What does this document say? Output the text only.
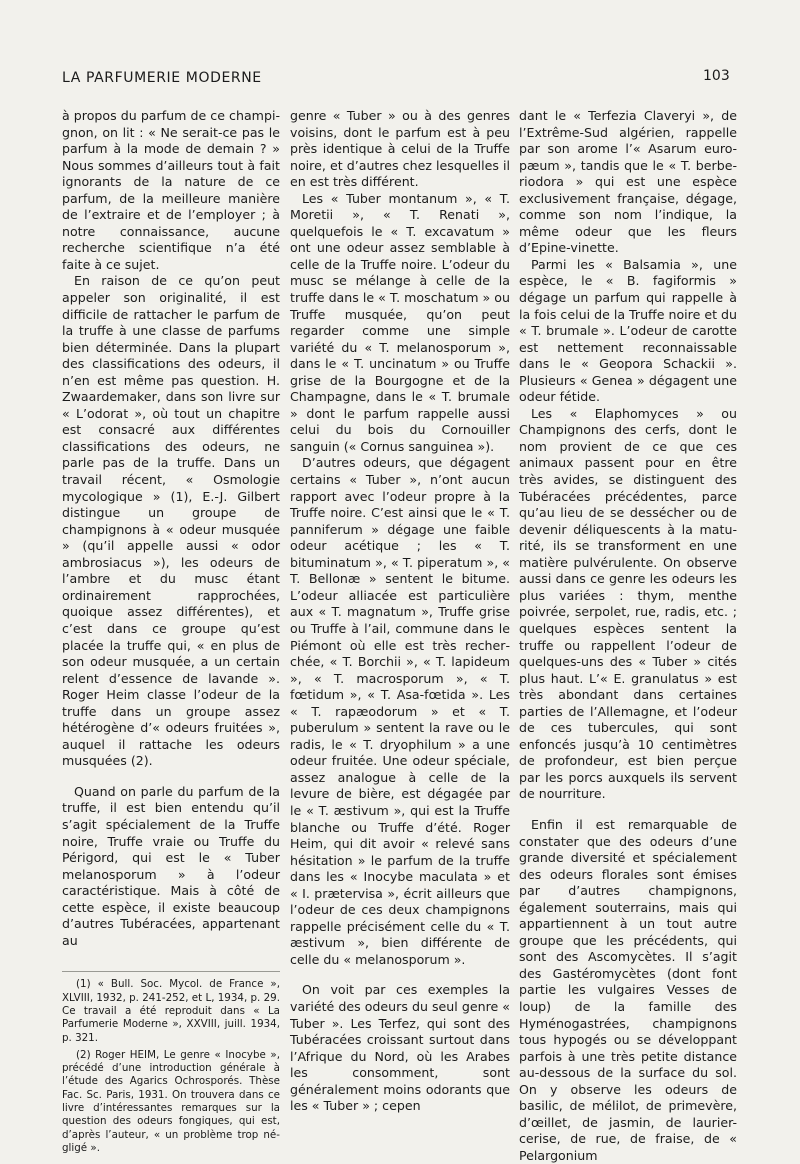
LA PARFUMERIE MODERNE	103

à propos du parfum de ce champignon, on lit : « Ne serait-ce pas le parfum à la mode de demain ? » Nous sommes d’ailleurs tout à fait ignorants de la nature de ce parfum, de la meilleure manière de l’extraire et de l’employer ; à notre connaissance, aucune recherche scientifique n’a été faite à ce sujet.

En raison de ce qu’on peut appeler son originalité, il est difficile de rattacher le parfum de la truffe à une classe de parfums bien déterminée. Dans la plupart des classifications des odeurs, il n’en est même pas question. H. Zwaardemaker, dans son livre sur « L’odorat », où tout un chapitre est consacré aux différentes classifications des odeurs, ne parle pas de la truffe. Dans un travail récent, « Osmologie mycologique » (1), E.-J. Gilbert distingue un groupe de champignons à « odeur musquée » (qu’il appelle aussi « odor ambrosiacus »), les odeurs de l’ambre et du musc étant ordinairement rapprochées, quoique assez différentes), et c’est dans ce groupe qu’est placée la truffe qui, « en plus de son odeur musquée, a un certain relent d’essence de lavande ». Roger Heim classe l’odeur de la truffe dans un groupe assez hétérogène d’« odeurs fruitées », auquel il rattache les odeurs musquées (2).

Quand on parle du parfum de la truffe, il est bien entendu qu’il s’agit spécialement de la Truffe noire, Truffe vraie ou Truffe du Périgord, qui est le « Tuber melanosporum » à l’odeur caractéristique. Mais à côté de cette espèce, il existe beaucoup d’autres Tubéracées, appartenant au

(1) « Bull. Soc. Mycol. de France », XLVIII, 1932, p. 241-252, et L, 1934, p. 29. Ce travail a été reproduit dans « La Parfumerie Moderne », XXVIII, juill. 1934, p. 321.

(2) Roger HEIM, Le genre « Inocybe », précédé d’une introduction générale à l’étude des Agarics Ochrosporés. Thèse Fac. Sc. Paris, 1931. On trouvera dans ce livre d’intéressantes remarques sur la question des odeurs fongiques, qui est, d’après l’auteur, « un problème trop négligé ».

genre « Tuber » ou à des genres voisins, dont le parfum est à peu près identique à celui de la Truffe noire, et d’autres chez lesquelles il en est très différent.

Les « Tuber montanum », « T. Moretii », « T. Renati », quelquefois le « T. excavatum » ont une odeur assez semblable à celle de la Truffe noire. L’odeur du musc se mélange à celle de la truffe dans le « T. moschatum » ou Truffe musquée, qu’on peut regarder comme une simple variété du « T. melanosporum », dans le « T. uncinatum » ou Truffe grise de la Bourgogne et de la Champagne, dans le « T. brumale » dont le parfum rappelle aussi celui du bois du Cornouiller sanguin (« Cornus sanguinea »).

D’autres odeurs, que dégagent certains « Tuber », n’ont aucun rapport avec l’odeur propre à la Truffe noire. C’est ainsi que le « T. panniferum » dégage une faible odeur acétique ; les « T. bituminatum », « T. piperatum », « T. Bellonæ » sentent le bitume. L’odeur alliacée est particulière aux « T. magnatum », Truffe grise ou Truffe à l’ail, commune dans le Piémont où elle est très recherchée, « T. Borchii », « T. lapideum », « T. macrosporum », « T. fœtidum », « T. Asa-fœtida ». Les « T. rapæodorum » et « T. puberulum » sentent la rave ou le radis, le « T. dryophilum » a une odeur fruitée. Une odeur spéciale, assez analogue à celle de la levure de bière, est dégagée par le « T. æstivum », qui est la Truffe blanche ou Truffe d’été. Roger Heim, qui dit avoir « relevé sans hésitation » le parfum de la truffe dans les « Inocybe maculata » et « I. prætervisa », écrit ailleurs que l’odeur de ces deux champignons rappelle précisément celle du « T. æstivum », bien différente de celle du « melanosporum ».

On voit par ces exemples la variété des odeurs du seul genre « Tuber ». Les Terfez, qui sont des Tubéracées croissant surtout dans l’Afrique du Nord, où les Arabes les consomment, sont généralement moins odorants que les « Tuber » ; cepen

dant le « Terfezia Claveryi », de l’Extrême-Sud algérien, rappelle par son arome l’« Asarum europæum », tandis que le « T. berberiodora » qui est une espèce exclusivement française, dégage, comme son nom l’indique, la même odeur que les fleurs d’Epine-vinette.

Parmi les « Balsamia », une espèce, le « B. fagiformis » dégage un parfum qui rappelle à la fois celui de la Truffe noire et du « T. brumale ». L’odeur de carotte est nettement reconnaissable dans le « Geopora Schackii ». Plusieurs « Genea » dégagent une odeur fétide.

Les « Elaphomyces » ou Champignons des cerfs, dont le nom provient de ce que ces animaux passent pour en être très avides, se distinguent des Tubéracées précédentes, parce qu’au lieu de se dessécher ou de devenir déliquescents à la maturité, ils se transforment en une matière pulvérulente. On observe aussi dans ce genre les odeurs les plus variées : thym, menthe poivrée, serpolet, rue, radis, etc. ; quelques espèces sentent la truffe ou rappellent l’odeur de quelques-uns des « Tuber » cités plus haut. L’« E. granulatus » est très abondant dans certaines parties de l’Allemagne, et l’odeur de ces tubercules, qui sont enfoncés jusqu’à 10 centimètres de profondeur, est bien perçue par les porcs auxquels ils servent de nourriture.

Enfin il est remarquable de constater que des odeurs d’une grande diversité et spécialement des odeurs florales sont émises par d’autres champignons, également souterrains, mais qui appartiennent à un tout autre groupe que les précédents, qui sont des Ascomycètes. Il s’agit des Gastéromycètes (dont font partie les vulgaires Vesses de loup) de la famille des Hyménogastrées, champignons tous hypogés ou se développant parfois à une très petite distance au-dessous de la surface du sol. On y observe les odeurs de basilic, de mélilot, de primevère, d’œillet, de jasmin, de laurier-cerise, de rue, de fraise, de « Pelargonium
